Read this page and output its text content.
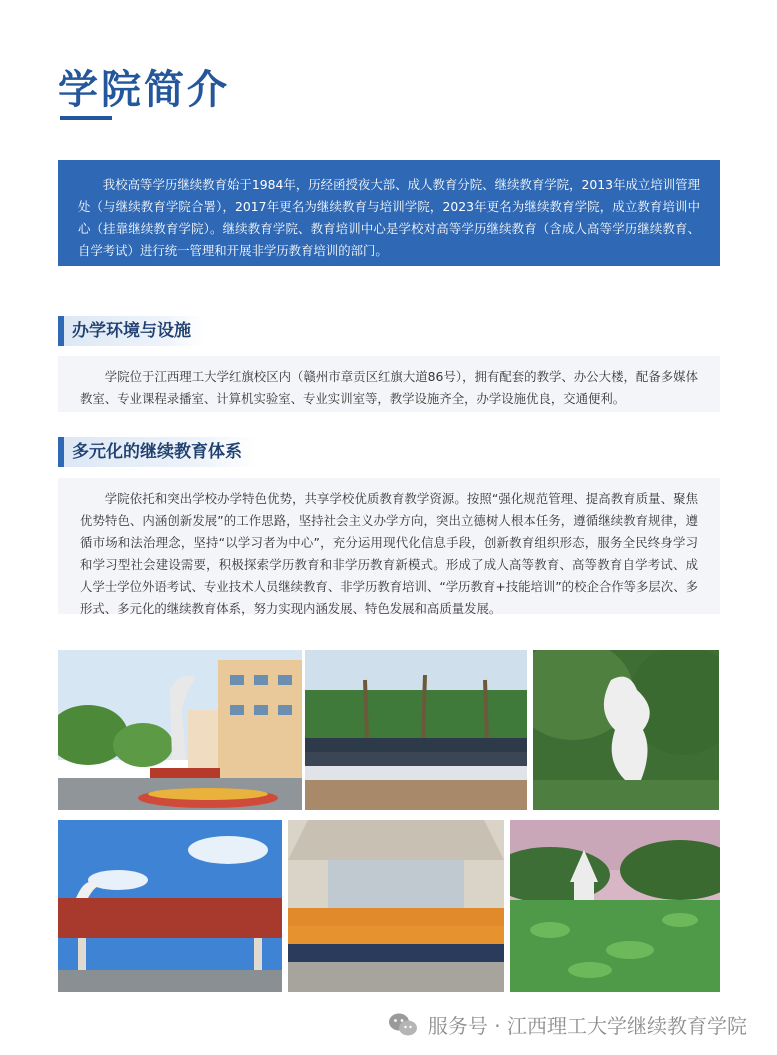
学院简介
我校高等学历继续教育始于1984年，历经函授夜大部、成人教育分院、继续教育学院，2013年成立培训管理处（与继续教育学院合署），2017年更名为继续教育与培训学院，2023年更名为继续教育学院，成立教育培训中心（挂靠继续教育学院）。继续教育学院、教育培训中心是学校对高等学历继续教育（含成人高等学历继续教育、自学考试）进行统一管理和开展非学历教育培训的部门。
办学环境与设施
学院位于江西理工大学红旗校区内（赣州市章贡区红旗大道86号），拥有配套的教学、办公大楼，配备多媒体教室、专业课程录播室、计算机实验室、专业实训室等，教学设施齐全，办学设施优良，交通便利。
多元化的继续教育体系
学院依托和突出学校办学特色优势，共享学校优质教育教学资源。按照“强化规范管理、提高教育质量、聚焦优势特色、内涵创新发展”的工作思路，坚持社会主义办学方向，突出立德树人根本任务，遵循继续教育规律，遵循市场和法治理念，坚持“以学习者为中心”，充分运用现代化信息手段，创新教育组织形态，服务全民终身学习和学习型社会建设需要，积极探索学历教育和非学历教育新模式。形成了成人高等教育、高等教育自学考试、成人学士学位外语考试、专业技术人员继续教育、非学历教育培训、“学历教育+技能培训”的校企合作等多层次、多形式、多元化的继续教育体系，努力实现内涵发展、特色发展和高质量发展。
服务号 · 江西理工大学继续教育学院
